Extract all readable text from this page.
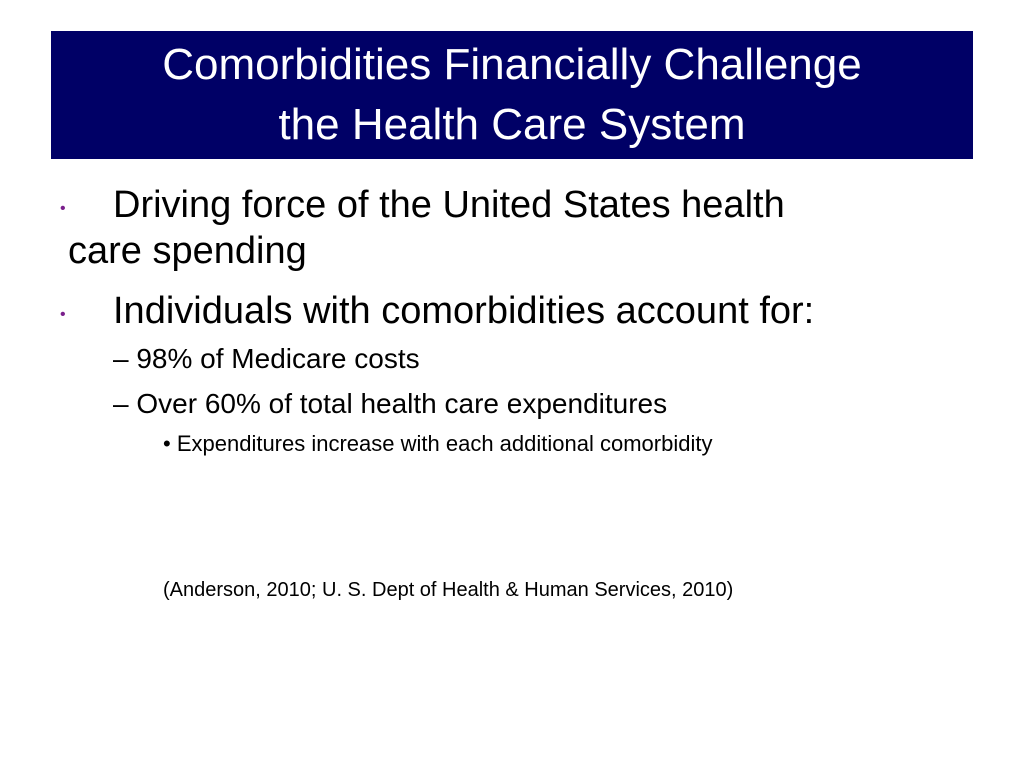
Comorbidities Financially Challenge
the Health Care System
• Driving force of the United States health
care spending
• Individuals with comorbidities account for:
– 98% of Medicare costs
– Over 60% of total health care expenditures
• Expenditures increase with each additional comorbidity
(Anderson, 2010; U. S. Dept of Health & Human Services, 2010)
